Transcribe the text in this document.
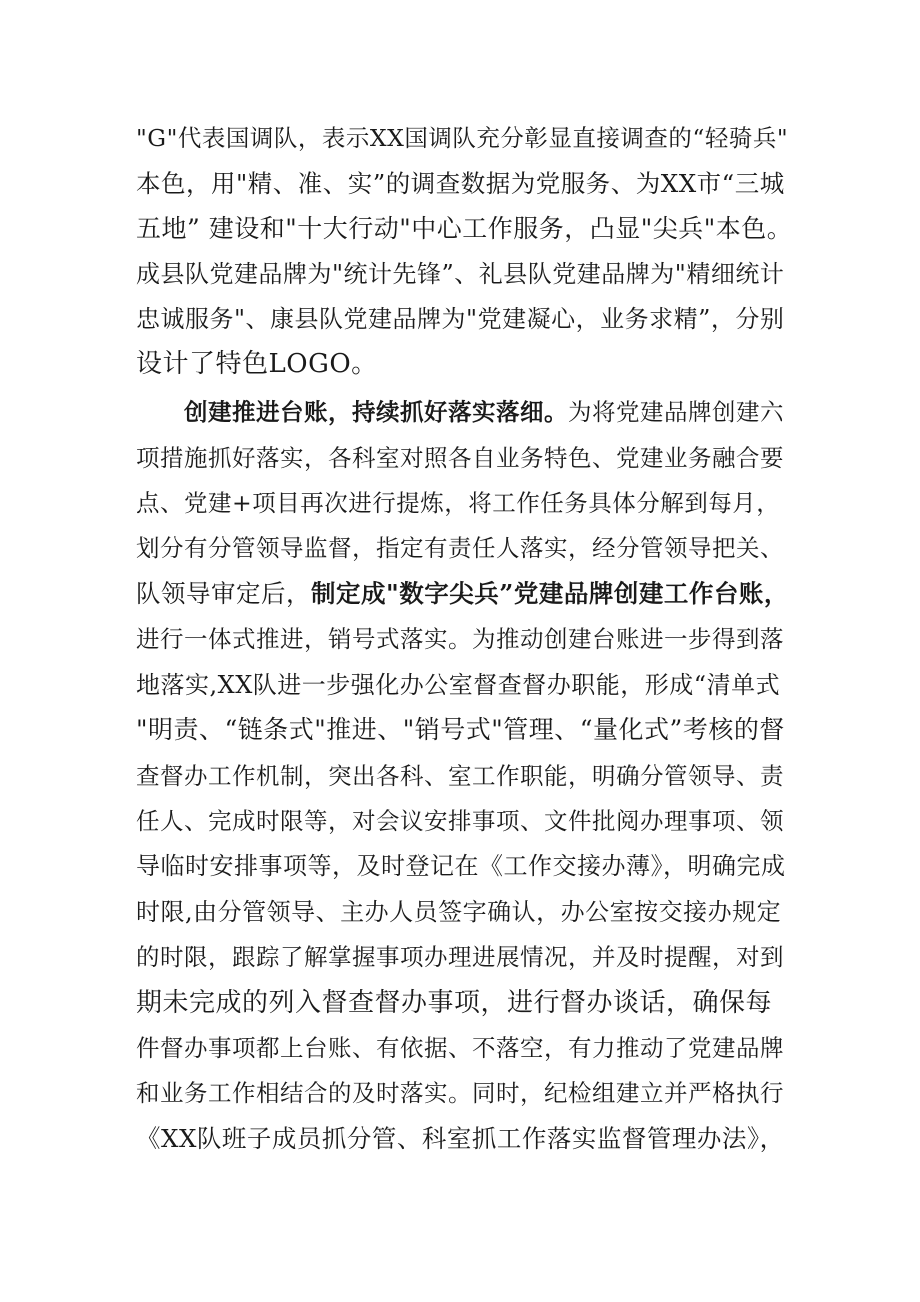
"G"代表国调队，表示XX国调队充分彰显直接调查的“轻骑兵"

本色，用"精、准、实”的调查数据为党服务、为XX市“三城

五地” 建设和"十大行动"中心工作服务，凸显"尖兵"本色。

成县队党建品牌为"统计先锋”、礼县队党建品牌为"精细统计

忠诚服务"、康县队党建品牌为"党建凝心，业务求精”，分别

设计了特色LOGO。

创建推进台账，持续抓好落实落细。为将党建品牌创建六

项措施抓好落实，各科室对照各自业务特色、党建业务融合要

点、党建+项目再次进行提炼，将工作任务具体分解到每月，

划分有分管领导监督，指定有责任人落实，经分管领导把关、

队领导审定后，制定成"数字尖兵”党建品牌创建工作台账，

进行一体式推进，销号式落实。为推动创建台账进一步得到落

地落实,XX队进一步强化办公室督查督办职能，形成“清单式

"明责、“链条式"推进、"销号式"管理、“量化式”考核的督

查督办工作机制，突出各科、室工作职能，明确分管领导、责

任人、完成时限等，对会议安排事项、文件批阅办理事项、领

导临时安排事项等，及时登记在《工作交接办薄》，明确完成

时限,由分管领导、主办人员签字确认，办公室按交接办规定

的时限，跟踪了解掌握事项办理进展情况，并及时提醒，对到

期未完成的列入督查督办事项，进行督办谈话，确保每

件督办事项都上台账、有依据、不落空，有力推动了党建品牌

和业务工作相结合的及时落实。同时，纪检组建立并严格执行

《XX队班子成员抓分管、科室抓工作落实监督管理办法》，
